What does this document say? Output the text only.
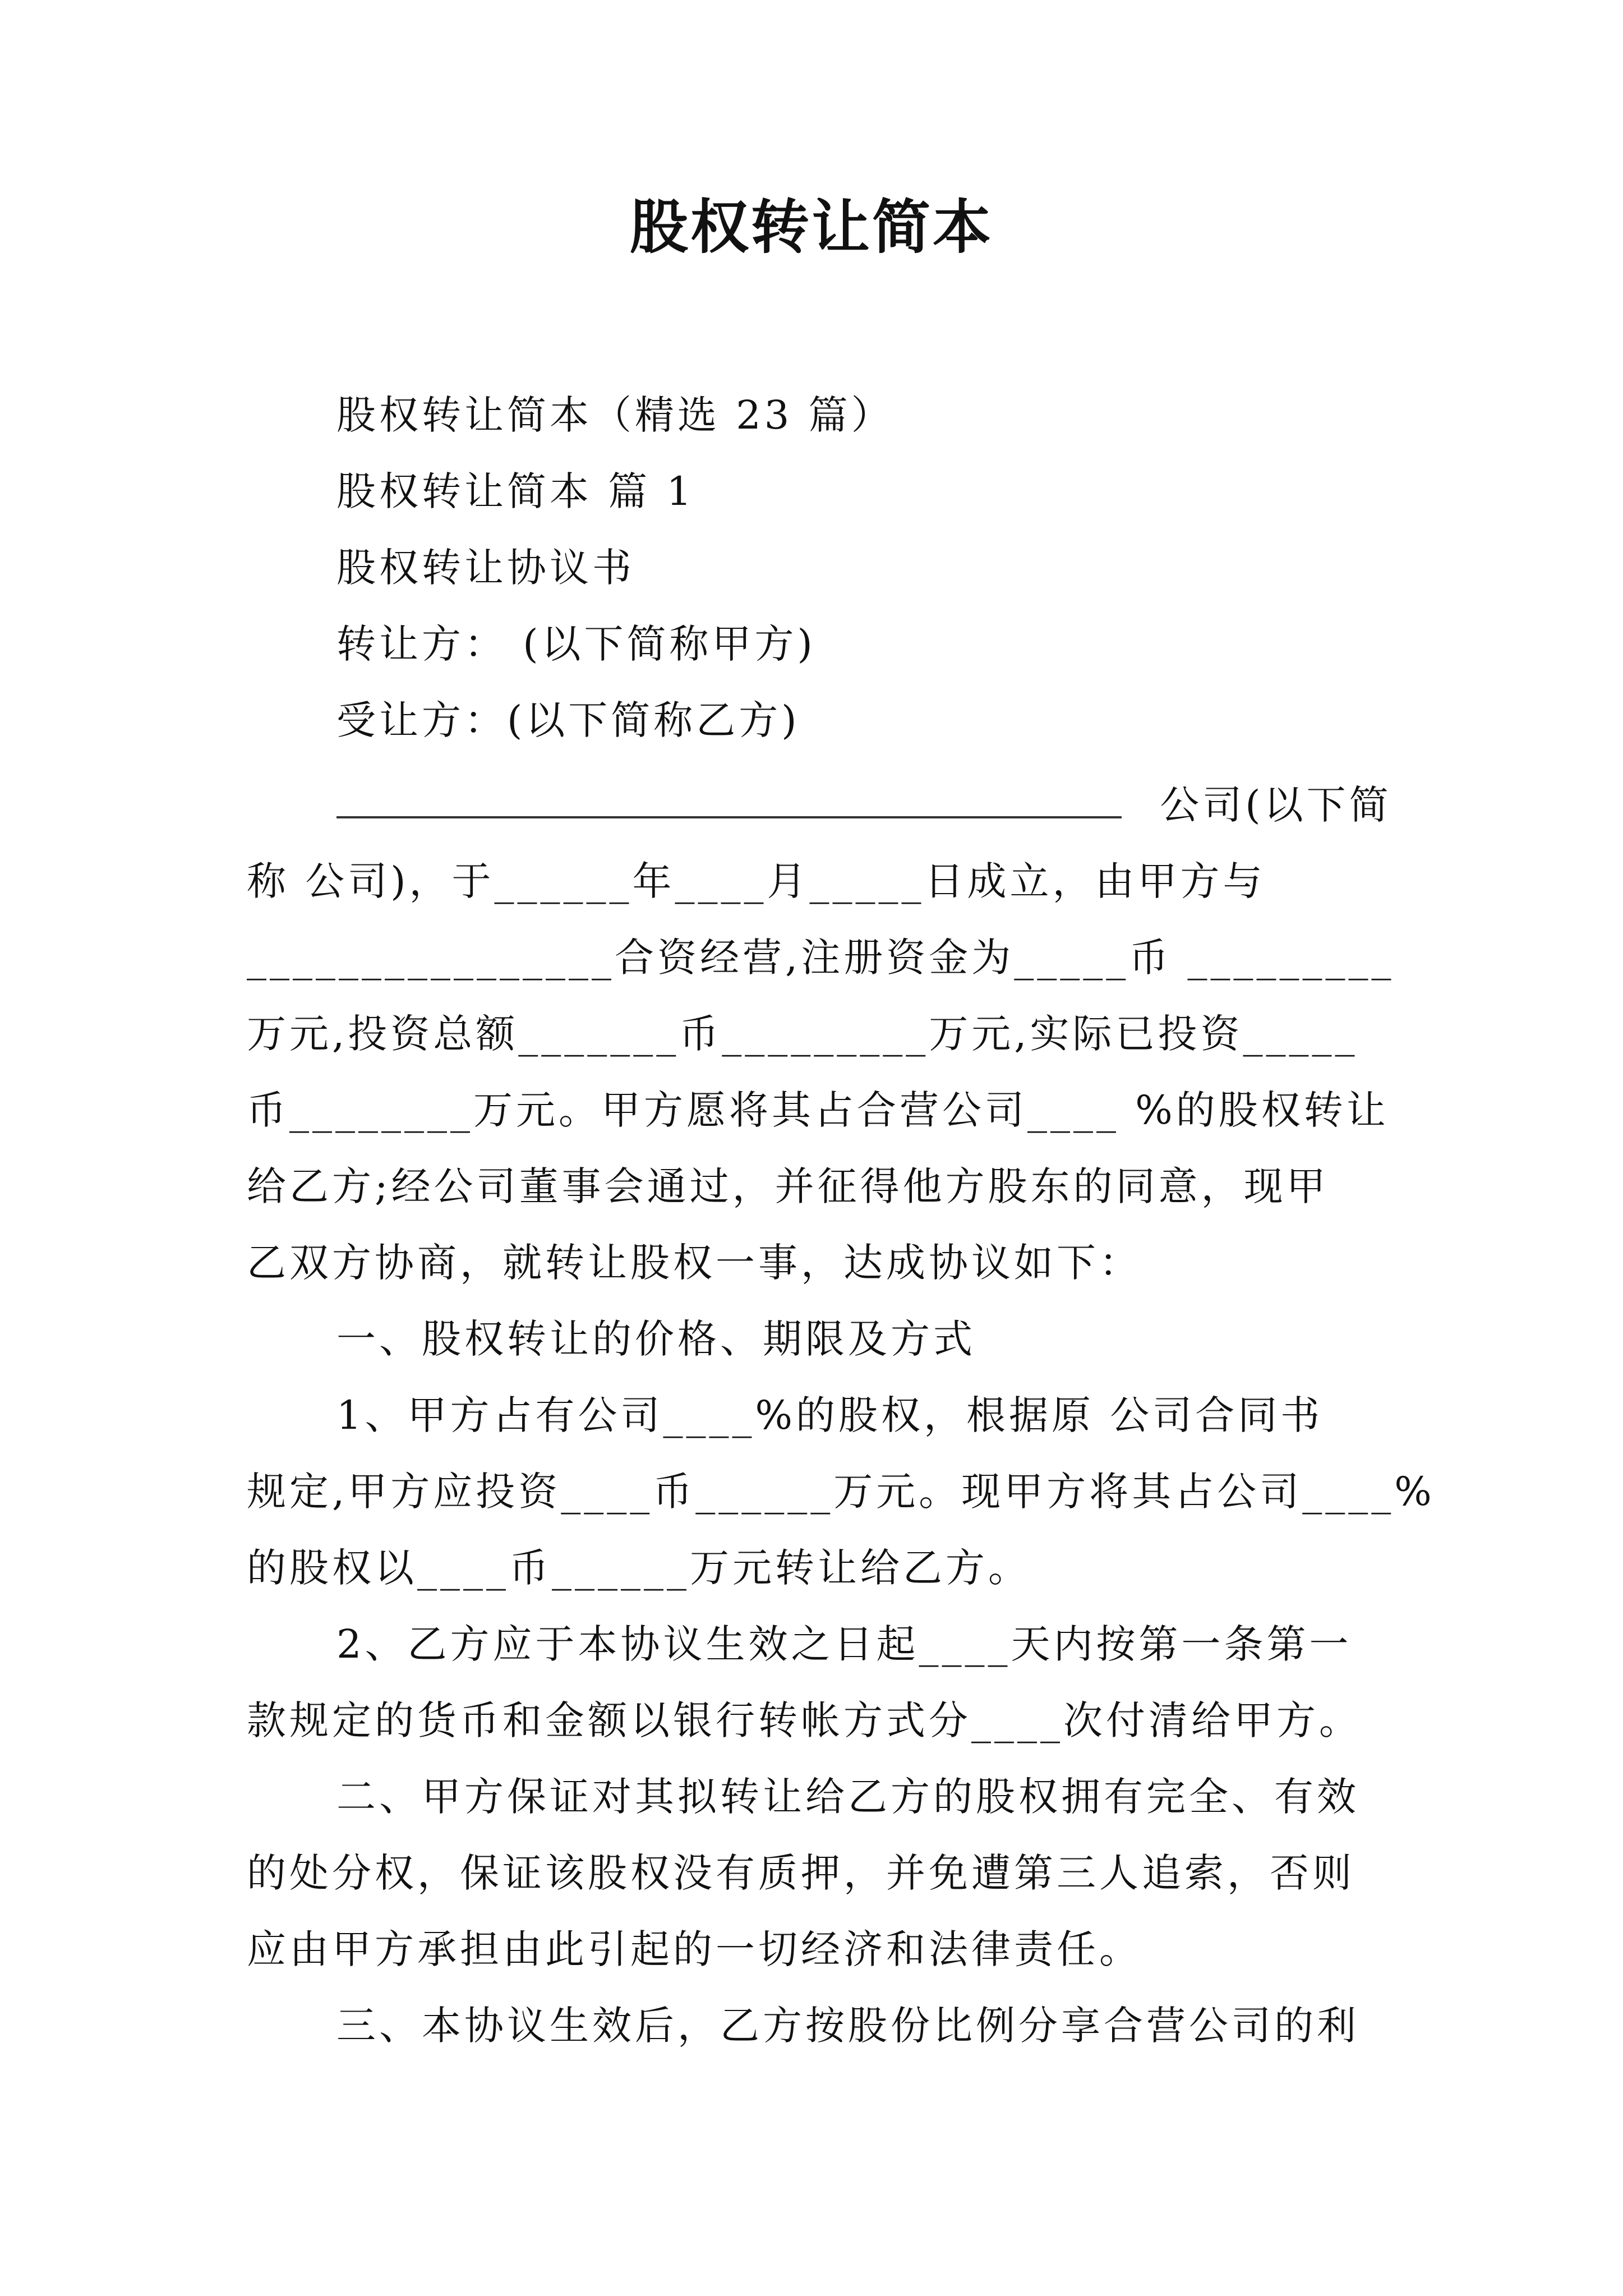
股权转让简本

股权转让简本（精选 23 篇）

股权转让简本 篇 1

股权转让协议书

转让方： (以下简称甲方)

受让方：(以下简称乙方)

公司(以下简

称 公司)，于______年____月_____日成立，由甲方与

________________合资经营,注册资金为_____币 _________

万元,投资总额_______币_________万元,实际已投资_____

币________万元。甲方愿将其占合营公司____ %的股权转让

给乙方;经公司董事会通过，并征得他方股东的同意，现甲

乙双方协商，就转让股权一事，达成协议如下：

一、股权转让的价格、期限及方式

1、甲方占有公司____%的股权，根据原 公司合同书

规定,甲方应投资____币______万元。现甲方将其占公司____%

的股权以____币______万元转让给乙方。

2、乙方应于本协议生效之日起____天内按第一条第一

款规定的货币和金额以银行转帐方式分____次付清给甲方。

二、甲方保证对其拟转让给乙方的股权拥有完全、有效

的处分权，保证该股权没有质押，并免遭第三人追索，否则

应由甲方承担由此引起的一切经济和法律责任。

三、本协议生效后，乙方按股份比例分享合营公司的利
